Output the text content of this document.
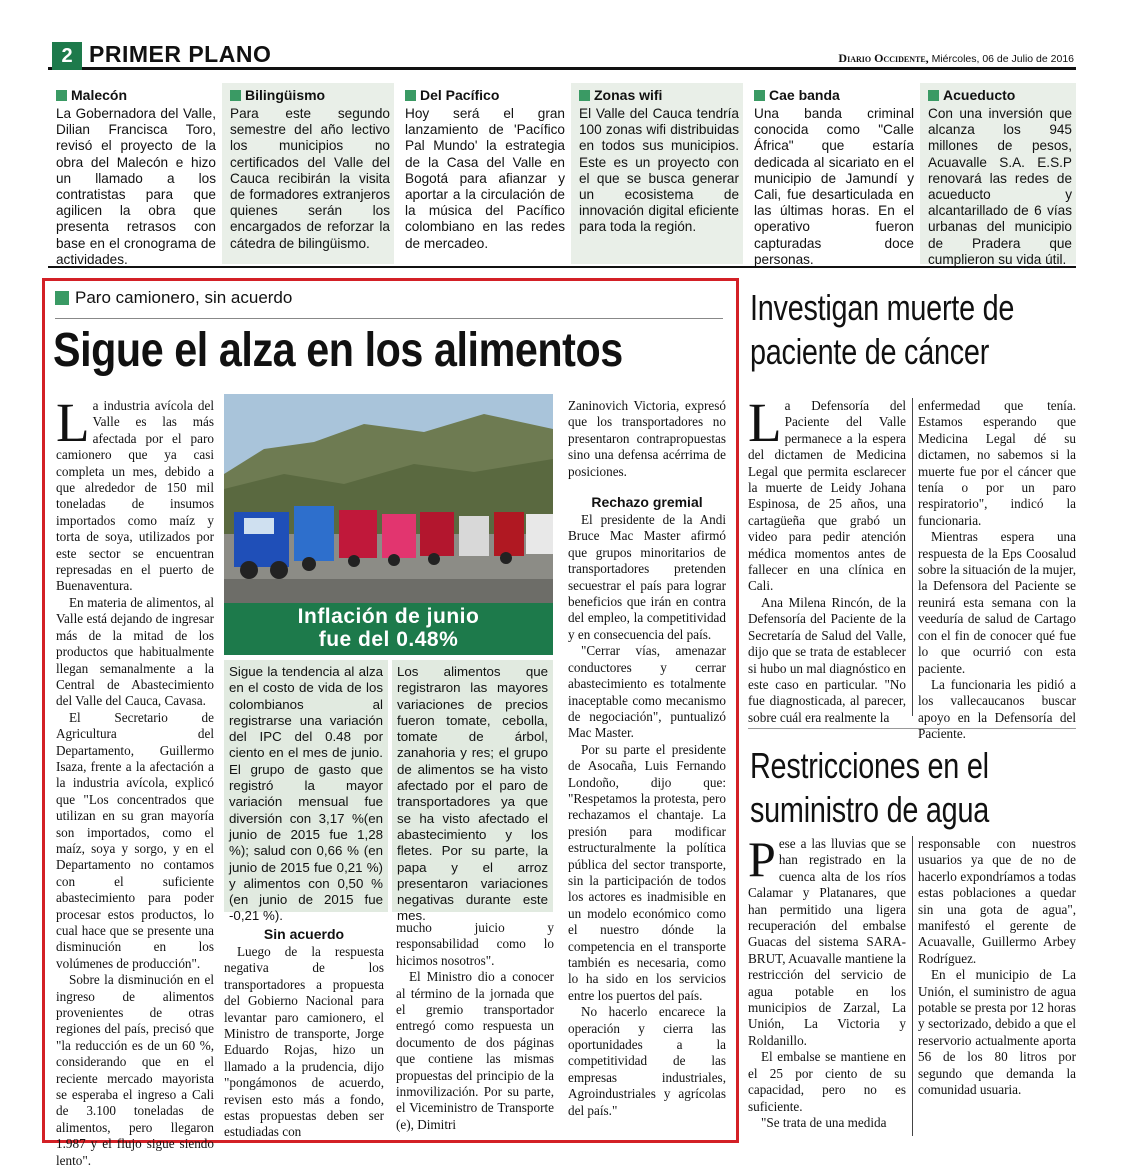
2 PRIMER PLANO	Diario Occidente, Miércoles, 06 de Julio de 2016
Malecón

La Gobernadora del Valle, Dilian Francisca Toro, revisó el proyecto de la obra del Malecón e hizo un llamado a los contratistas para que agilicen la obra que presenta retrasos con base en el cronograma de actividades.

Bilingüismo

Para este segundo semestre del año lectivo los municipios no certificados del Valle del Cauca recibirán la visita de formadores extranjeros quienes serán los encargados de reforzar la cátedra de bilingüismo.

Del Pacífico

Hoy será el gran lanzamiento de 'Pacífico Pal Mundo' la estrategia de la Casa del Valle en Bogotá para afianzar y aportar a la circulación de la música del Pacífico colombiano en las redes de mercadeo.

Zonas wifi

El Valle del Cauca tendría 100 zonas wifi distribuidas en todos sus municipios. Este es un proyecto con el que se busca generar un ecosistema de innovación digital eficiente para toda la región.

Cae banda

Una banda criminal conocida como "Calle África" que estaría dedicada al sicariato en el municipio de Jamundí y Cali, fue desarticulada en las últimas horas. En el operativo fueron capturadas doce personas.

Acueducto

Con una inversión que alcanza los 945 millones de pesos, Acuavalle S.A. E.S.P renovará las redes de acueducto y alcantarillado de 6 vías urbanas del municipio de Pradera que cumplieron su vida útil.

Paro camionero, sin acuerdo
Sigue el alza en los alimentos
L a industria avícola del Valle es las más afectada por el paro camionero que ya casi completa un mes, debido a que alrededor de 150 mil toneladas de insumos importados como maíz y torta de soya, utilizados por este sector se encuentran represadas en el puerto de Buenaventura.

En materia de alimentos, al Valle está dejando de ingresar más de la mitad de los productos que habitualmente llegan semanalmente a la Central de Abastecimiento del Valle del Cauca, Cavasa.

El Secretario de Agricultura del Departamento, Guillermo Isaza, frente a la afectación a la industria avícola, explicó que "Los concentrados que utilizan en su gran mayoría son importados, como el maíz, soya y sorgo, y en el Departamento no contamos con el suficiente abastecimiento para poder procesar estos productos, lo cual hace que se presente una disminución en los volúmenes de producción".

Sobre la disminución en el ingreso de alimentos provenientes de otras regiones del país, precisó que "la reducción es de un 60 %, considerando que en el reciente mercado mayorista se esperaba el ingreso a Cali de 3.100 toneladas de alimentos, pero llegaron 1.987 y el flujo sigue siendo lento".

Inflación de junio
fue del 0.48%
Sigue la tendencia al alza en el costo de vida de los colombianos al registrarse una variación del IPC del 0.48 por ciento en el mes de junio. El grupo de gasto que registró la mayor variación mensual fue diversión con 3,17 %(en junio de 2015 fue 1,28 %); salud con 0,66 % (en junio de 2015 fue 0,21 %) y alimentos con 0,50 % (en junio de 2015 fue -0,21 %).
Los alimentos que registraron las mayores variaciones de precios fueron tomate, cebolla, tomate de árbol, zanahoria y res; el grupo de alimentos se ha visto afectado por el paro de transportadores ya que se ha visto afectado el abastecimiento y los fletes. Por su parte, la papa y el arroz presentaron variaciones negativas durante este mes.
Sin acuerdo

Luego de la respuesta negativa de los transportadores a propuesta del Gobierno Nacional para levantar paro camionero, el Ministro de transporte, Jorge Eduardo Rojas, hizo un llamado a la prudencia, dijo "pongámonos de acuerdo, revisen esto más a fondo, estas propuestas deben ser estudiadas con

mucho juicio y responsabilidad como lo hicimos nosotros".

El Ministro dio a conocer al término de la jornada que el gremio transportador entregó como respuesta un documento de dos páginas que contiene las mismas propuestas del principio de la inmovilización. Por su parte, el Viceministro de Transporte (e), Dimitri

Zaninovich Victoria, expresó que los transportadores no presentaron contrapropuestas sino una defensa acérrima de posiciones.

Rechazo gremial

El presidente de la Andi Bruce Mac Master afirmó que grupos minoritarios de transportadores pretenden secuestrar el país para lograr beneficios que irán en contra del empleo, la competitividad y en consecuencia del país.

"Cerrar vías, amenazar conductores y cerrar abastecimiento es totalmente inaceptable como mecanismo de negociación", puntualizó Mac Master.

Por su parte el presidente de Asocaña, Luis Fernando Londoño, dijo que: "Respetamos la protesta, pero rechazamos el chantaje. La presión para modificar estructuralmente la política pública del sector transporte, sin la participación de todos los actores es inadmisible en un modelo económico como el nuestro dónde la competencia en el transporte también es necesaria, como lo ha sido en los servicios entre los puertos del país.

No hacerlo encarece la operación y cierra las oportunidades a la competitividad de las empresas industriales, Agroindustriales y agrícolas del país."

Investigan muerte de
paciente de cáncer
L a Defensoría del Paciente del Valle permanece a la espera del dictamen de Medicina Legal que permita esclarecer la muerte de Leidy Johana Espinosa, de 25 años, una cartagüeña que grabó un video para pedir atención médica momentos antes de fallecer en una clínica en Cali.

Ana Milena Rincón, de la Defensoría del Paciente de la Secretaría de Salud del Valle, dijo que se trata de establecer si hubo un mal diagnóstico en este caso en particular. "No fue diagnosticada, al parecer, sobre cuál era realmente la

enfermedad que tenía. Estamos esperando que Medicina Legal dé su dictamen, no sabemos si la muerte fue por el cáncer que tenía o por un paro respiratorio", indicó la funcionaria.

Mientras espera una respuesta de la Eps Coosalud sobre la situación de la mujer, la Defensora del Paciente se reunirá esta semana con la veeduría de salud de Cartago con el fin de conocer qué fue lo que ocurrió con esta paciente.

La funcionaria les pidió a los vallecaucanos buscar apoyo en la Defensoría del Paciente.

Restricciones en el
suministro de agua
P ese a las lluvias que se han registrado en la cuenca alta de los ríos Calamar y Platanares, que han permitido una ligera recuperación del embalse Guacas del sistema SARA-BRUT, Acuavalle mantiene la restricción del servicio de agua potable en los municipios de Zarzal, La Unión, La Victoria y Roldanillo.

El embalse se mantiene en el 25 por ciento de su capacidad, pero no es suficiente.

"Se trata de una medida

responsable con nuestros usuarios ya que de no de hacerlo expondríamos a todas estas poblaciones a quedar sin una gota de agua", manifestó el gerente de Acuavalle, Guillermo Arbey Rodríguez.

En el municipio de La Unión, el suministro de agua potable se presta por 12 horas y sectorizado, debido a que el reservorio actualmente aporta 56 de los 80 litros por segundo que demanda la comunidad usuaria.
